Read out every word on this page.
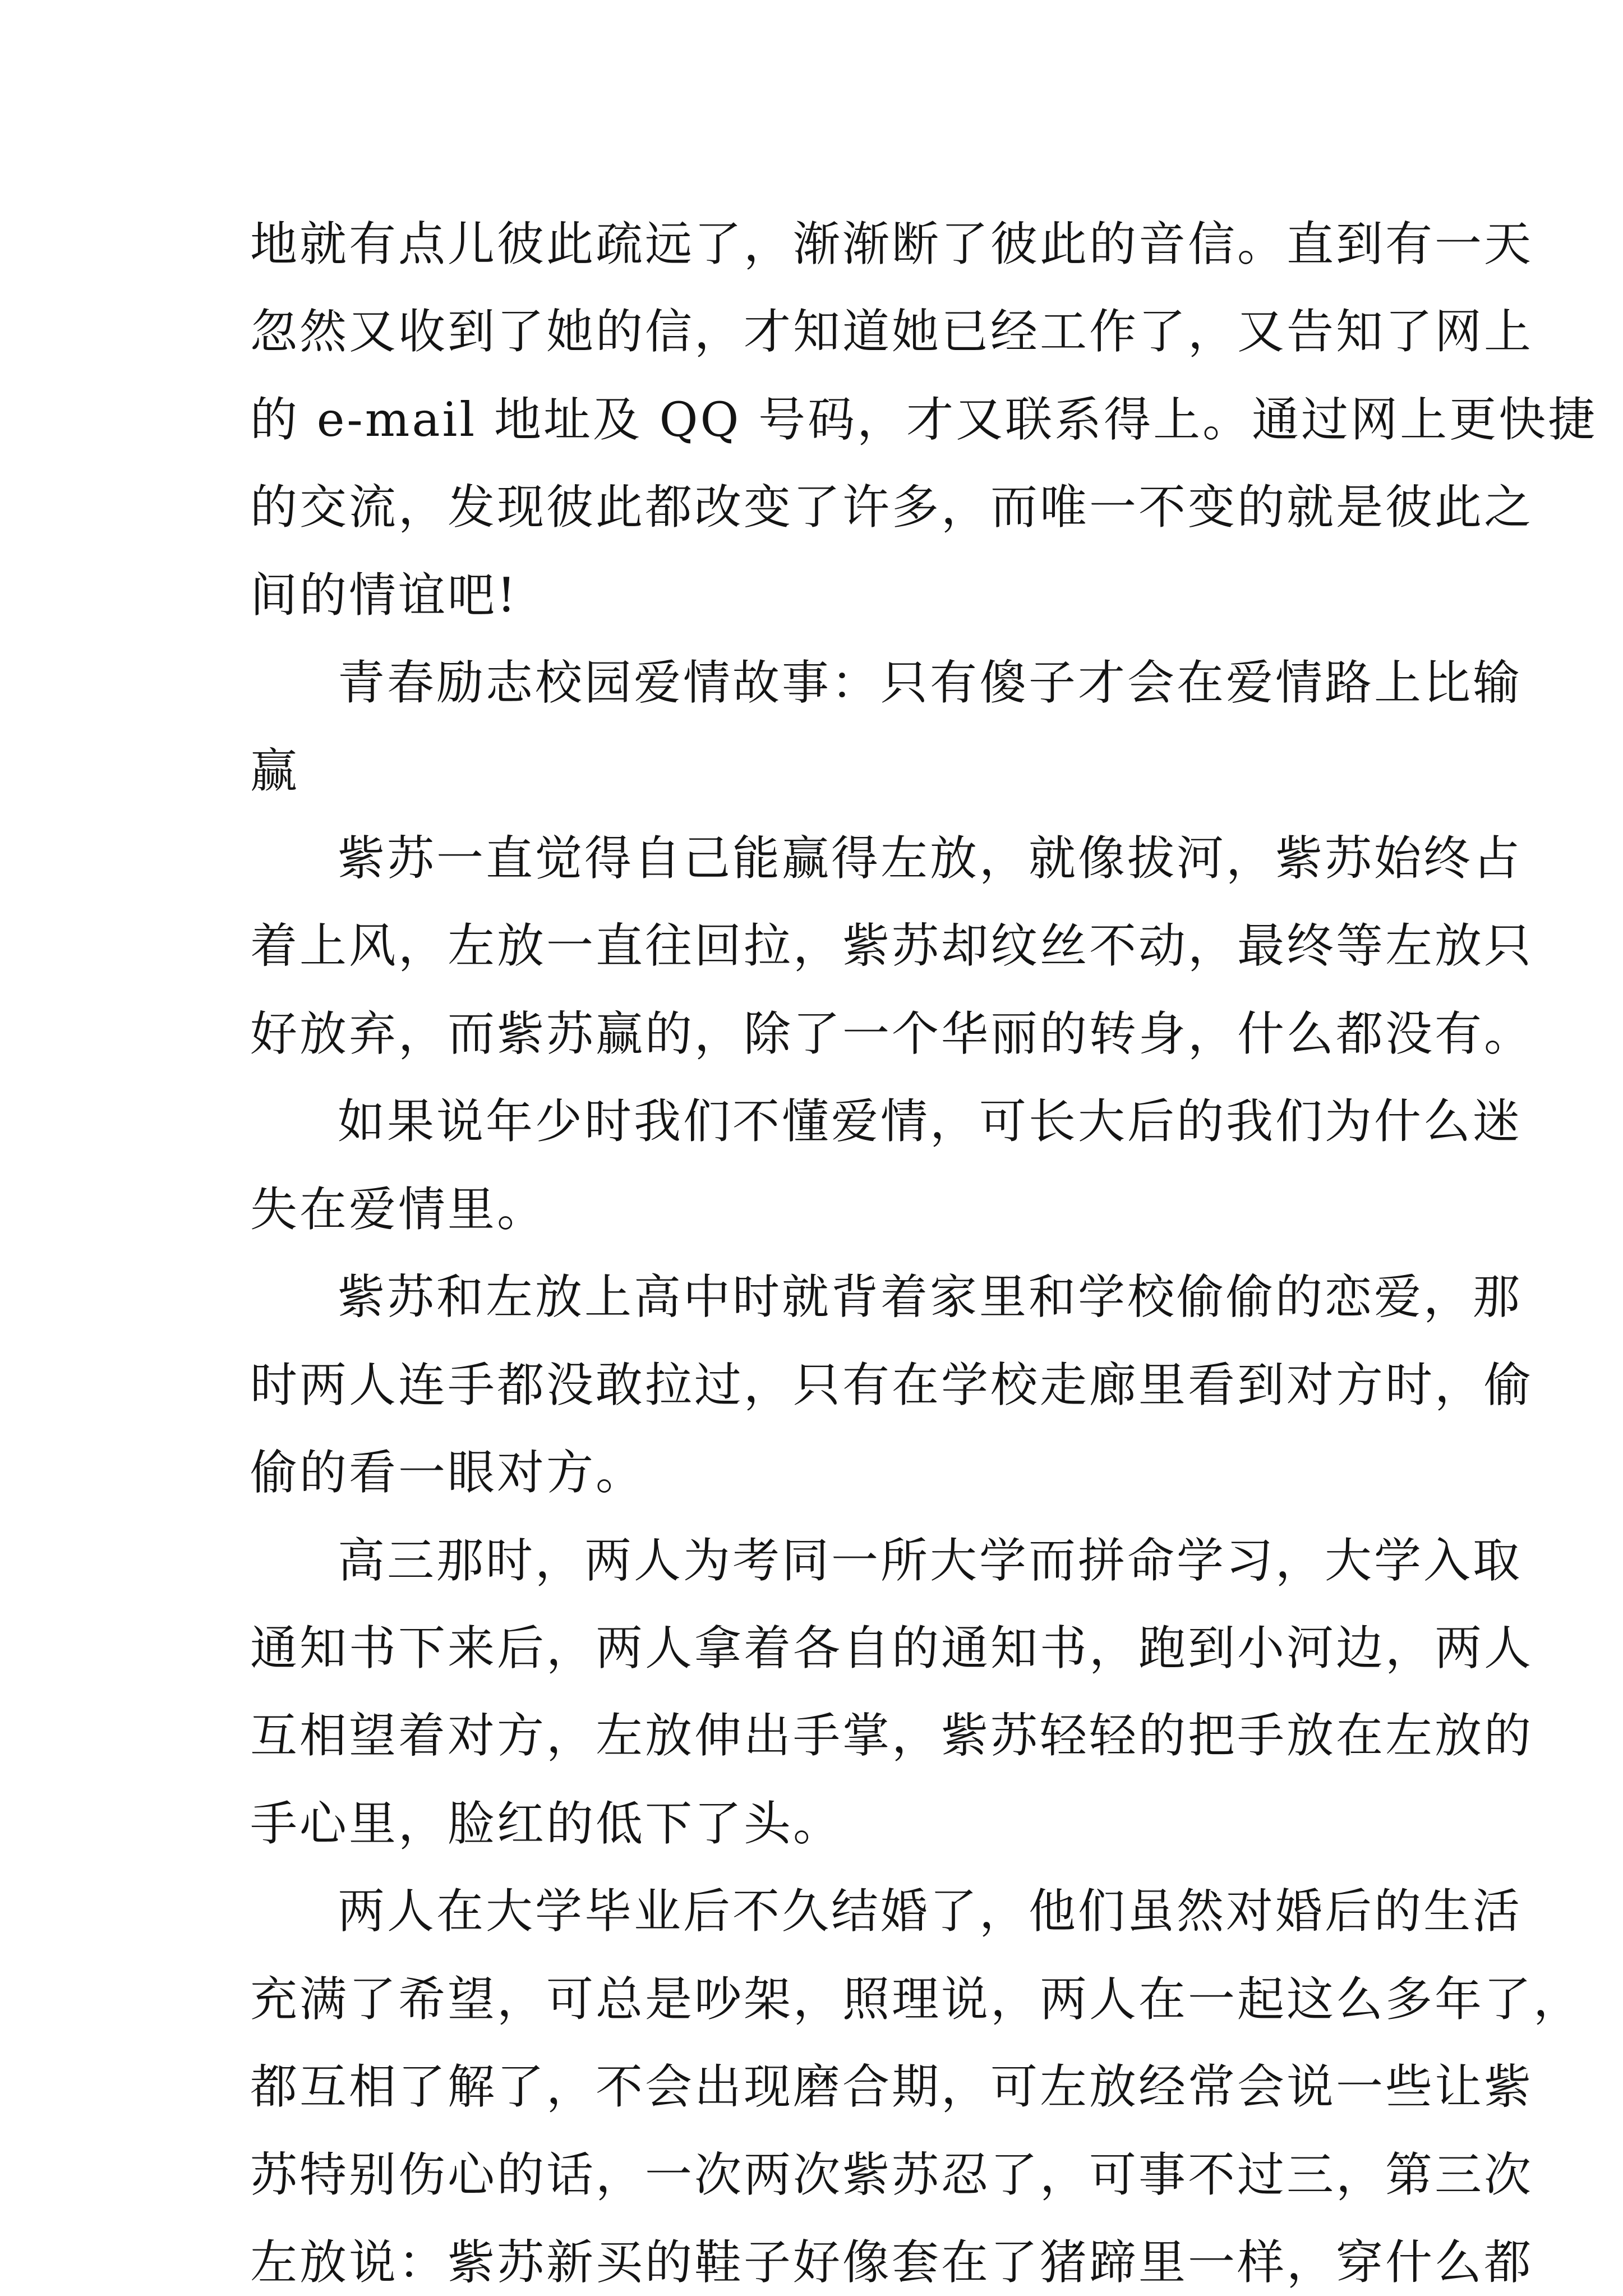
地就有点儿彼此疏远了，渐渐断了彼此的音信。直到有一天

忽然又收到了她的信，才知道她已经工作了，又告知了网上

的 e-mail 地址及 QQ 号码，才又联系得上。通过网上更快捷

的交流，发现彼此都改变了许多，而唯一不变的就是彼此之

间的情谊吧!

青春励志校园爱情故事：只有傻子才会在爱情路上比输

赢

紫苏一直觉得自己能赢得左放，就像拔河，紫苏始终占

着上风，左放一直往回拉，紫苏却纹丝不动，最终等左放只

好放弃，而紫苏赢的，除了一个华丽的转身，什么都没有。

如果说年少时我们不懂爱情，可长大后的我们为什么迷

失在爱情里。

紫苏和左放上高中时就背着家里和学校偷偷的恋爱，那

时两人连手都没敢拉过，只有在学校走廊里看到对方时，偷

偷的看一眼对方。

高三那时，两人为考同一所大学而拼命学习，大学入取

通知书下来后，两人拿着各自的通知书，跑到小河边，两人

互相望着对方，左放伸出手掌，紫苏轻轻的把手放在左放的

手心里，脸红的低下了头。

两人在大学毕业后不久结婚了，他们虽然对婚后的生活

充满了希望，可总是吵架，照理说，两人在一起这么多年了，

都互相了解了，不会出现磨合期，可左放经常会说一些让紫

苏特别伤心的话，一次两次紫苏忍了，可事不过三，第三次

左放说：紫苏新买的鞋子好像套在了猪蹄里一样，穿什么都
